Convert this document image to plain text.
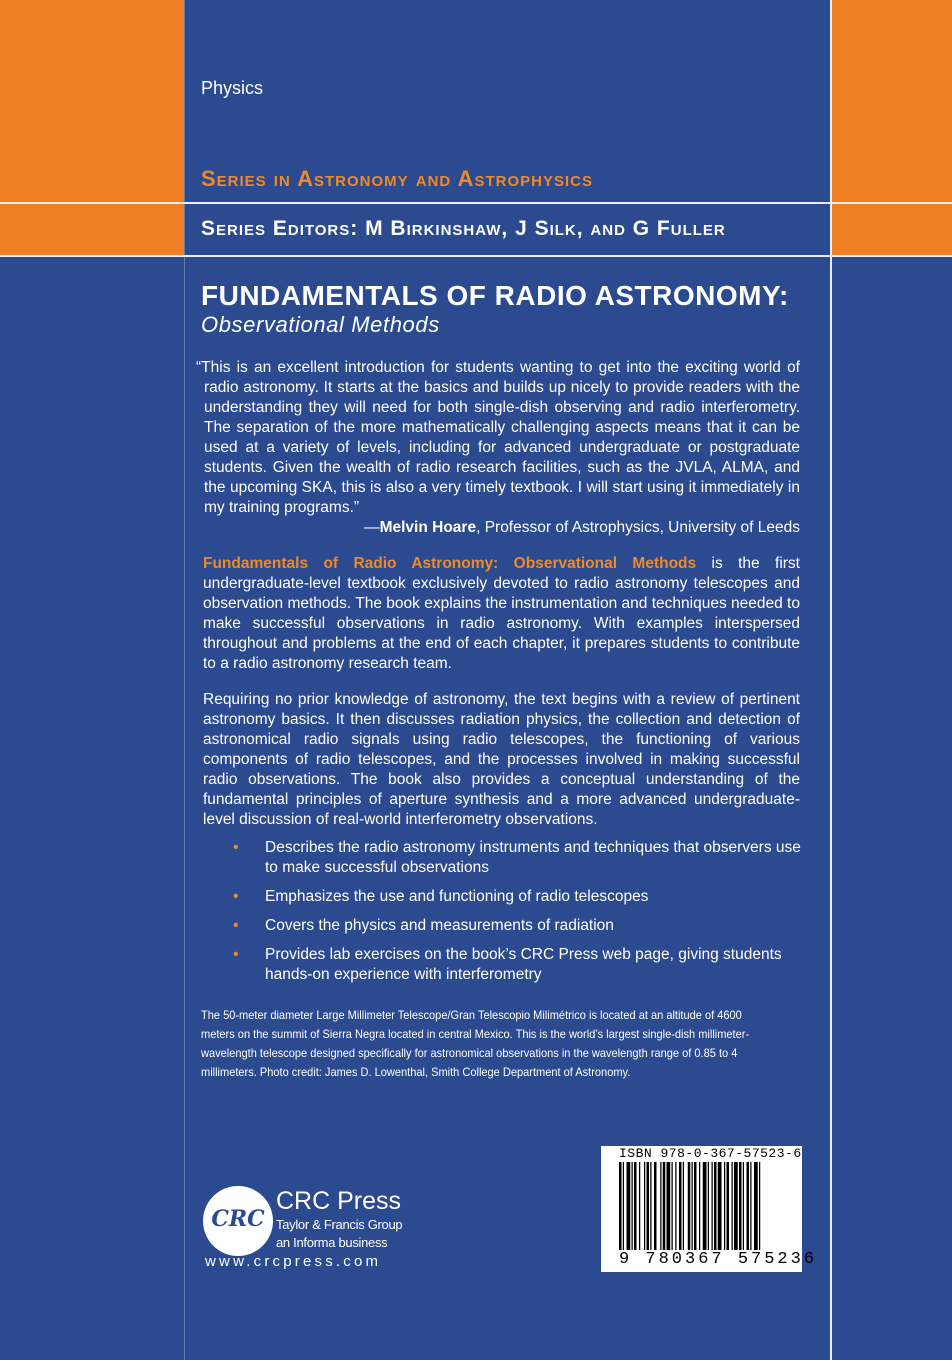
Physics
Series in Astronomy and Astrophysics
Series Editors: M Birkinshaw, J Silk, and G Fuller
FUNDAMENTALS OF RADIO ASTRONOMY:
Observational Methods

“This is an excellent introduction for students wanting to get into the exciting world of radio astronomy. It starts at the basics and builds up nicely to provide readers with the understanding they will need for both single-dish observing and radio interferometry. The separation of the more mathematically challenging aspects means that it can be used at a variety of levels, including for advanced undergraduate or postgraduate students. Given the wealth of radio research facilities, such as the JVLA, ALMA, and the upcoming SKA, this is also a very timely textbook. I will start using it immediately in my training programs.”

—Melvin Hoare, Professor of Astrophysics, University of Leeds

Fundamentals of Radio Astronomy: Observational Methods is the first undergraduate-level textbook exclusively devoted to radio astronomy telescopes and observation methods. The book explains the instrumentation and techniques needed to make successful observations in radio astronomy. With examples interspersed throughout and problems at the end of each chapter, it prepares students to contribute to a radio astronomy research team.

Requiring no prior knowledge of astronomy, the text begins with a review of pertinent astronomy basics. It then discusses radiation physics, the collection and detection of astronomical radio signals using radio telescopes, the functioning of various components of radio telescopes, and the processes involved in making successful radio observations. The book also provides a conceptual understanding of the fundamental principles of aperture synthesis and a more advanced undergraduate-level discussion of real-world interferometry observations.

• Describes the radio astronomy instruments and techniques that observers use to make successful observations
• Emphasizes the use and functioning of radio telescopes
• Covers the physics and measurements of radiation
• Provides lab exercises on the book’s CRC Press web page, giving students hands-on experience with interferometry
The 50-meter diameter Large Millimeter Telescope/Gran Telescopio Milimétrico is located at an altitude of 4600 meters on the summit of Sierra Negra located in central Mexico. This is the world’s largest single-dish millimeter-wavelength telescope designed specifically for astronomical observations in the wavelength range of 0.85 to 4 millimeters. Photo credit: James D. Lowenthal, Smith College Department of Astronomy.
CRC
CRC Press
Taylor & Francis Group
an Informa business
www.crcpress.com
ISBN 978-0-367-57523-6
9 780367 575236
